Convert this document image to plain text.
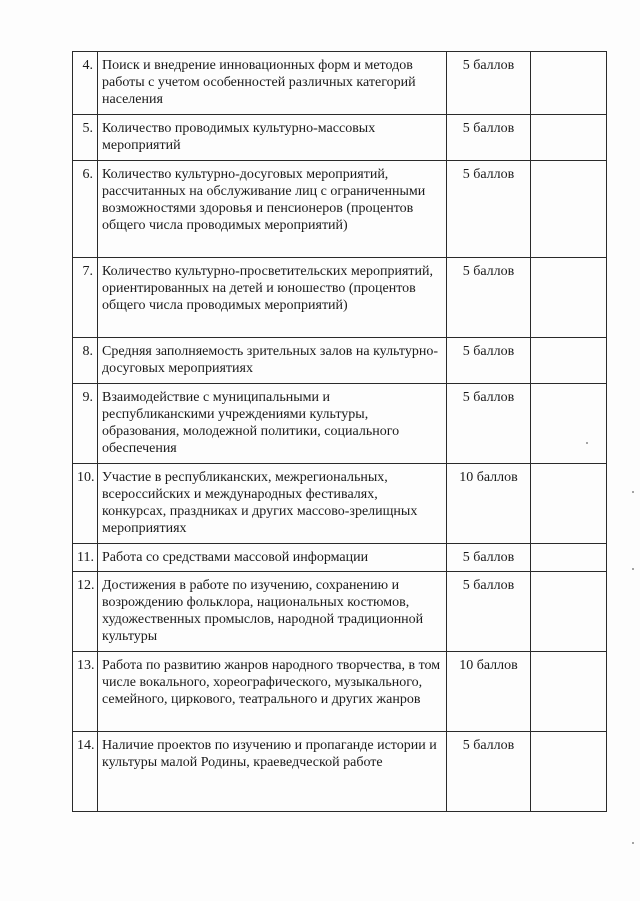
4.	Поиск и внедрение инновационных форм и методов работы с учетом особенностей различных категорий населения	5 баллов	
5.	Количество проводимых культурно-массовых мероприятий	5 баллов	
6.	Количество культурно-досуговых мероприятий, рассчитанных на обслуживание лиц с ограниченными возможностями здоровья и пенсионеров (процентов общего числа проводимых мероприятий)	5 баллов	
7.	Количество культурно-просветительских мероприятий, ориентированных на детей и юношество (процентов общего числа проводимых мероприятий)	5 баллов	
8.	Средняя заполняемость зрительных залов на культурно-досуговых мероприятиях	5 баллов	
9.	Взаимодействие с муниципальными и республиканскими учреждениями культуры, образования, молодежной политики, социального обеспечения	5 баллов	
10.	Участие в республиканских, межрегиональных, всероссийских и международных фестивалях, конкурсах, праздниках и других массово-зрелищных мероприятиях	10 баллов	
11.	Работа со средствами массовой информации	5 баллов	
12.	Достижения в работе по изучению, сохранению и возрождению фольклора, национальных костюмов, художественных промыслов, народной традиционной культуры	5 баллов	
13.	Работа по развитию жанров народного творчества, в том числе вокального, хореографического, музыкального, семейного, циркового, театрального и других жанров	10 баллов	
14.	Наличие проектов по изучению и пропаганде истории и культуры малой Родины, краеведческой работе	5 баллов	
